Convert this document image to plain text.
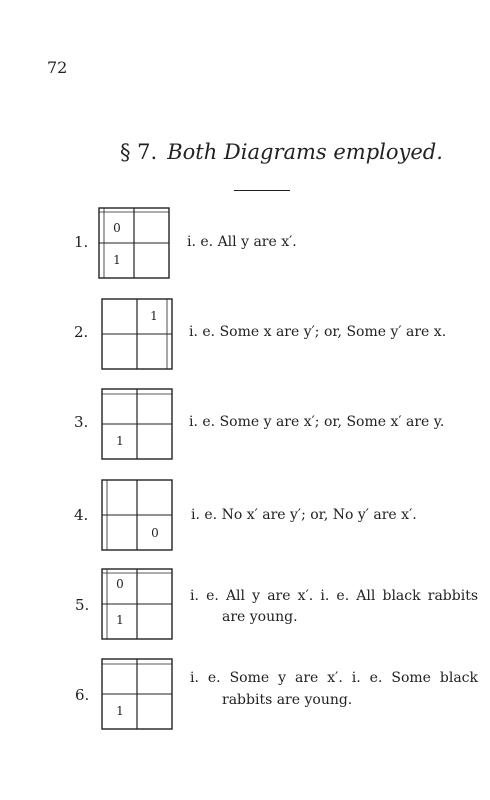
72
§ 7. Both Diagrams employed.
1.
0
1
i. e. All y are x′.
2.
1
i. e. Some x are y′; or, Some y′ are x.
3.
1
i. e. Some y are x′; or, Some x′ are y.
4.
0
i. e. No x′ are y′; or, No y′ are x′.
5.
0
1
i. e. All y are x′. i. e. All black rabbits
are young.
6.
1
i. e. Some y are x′. i. e. Some black
rabbits are young.
